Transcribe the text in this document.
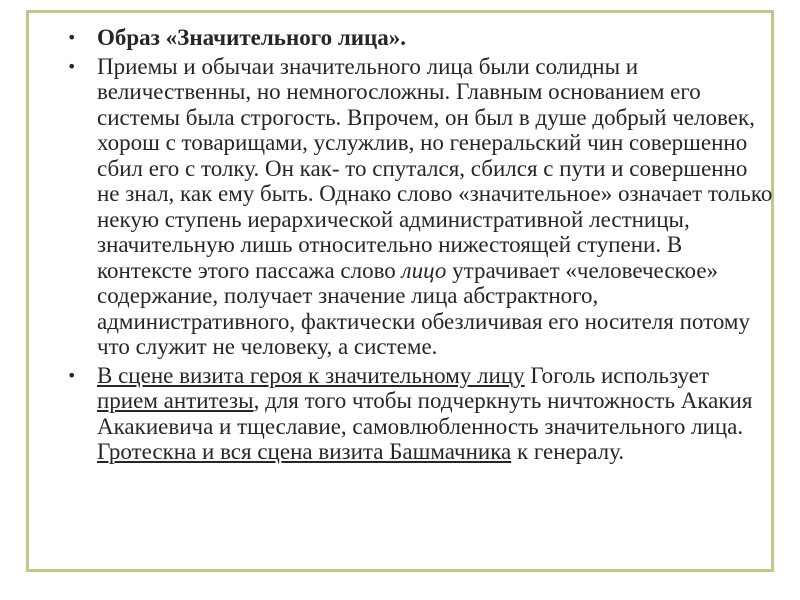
• Образ «Значительного лица».
• Приемы и обычаи значительного лица были солидны и величественны, но немногосложны. Главным основанием его системы была строгость. Впрочем, он был в душе добрый человек, хорош с товарищами, услужлив, но генеральский чин совершенно сбил его с толку. Он как- то спутался, сбился с пути и совершенно не знал, как ему быть. Однако слово «значительное» означает только некую ступень иерархической административной лестницы, значительную лишь относительно нижестоящей ступени. В контексте этого пассажа слово лицо утрачивает «человеческое» содержание, получает значение лица абстрактного, административного, фактически обезличивая его носителя потому что служит не человеку, а системе.
• В сцене визита героя к значительному лицу Гоголь использует прием антитезы, для того чтобы подчеркнуть ничтожность Акакия Акакиевича и тщеславие, самовлюбленность значительного лица. Гротескна и вся сцена визита Башмачника к генералу.
